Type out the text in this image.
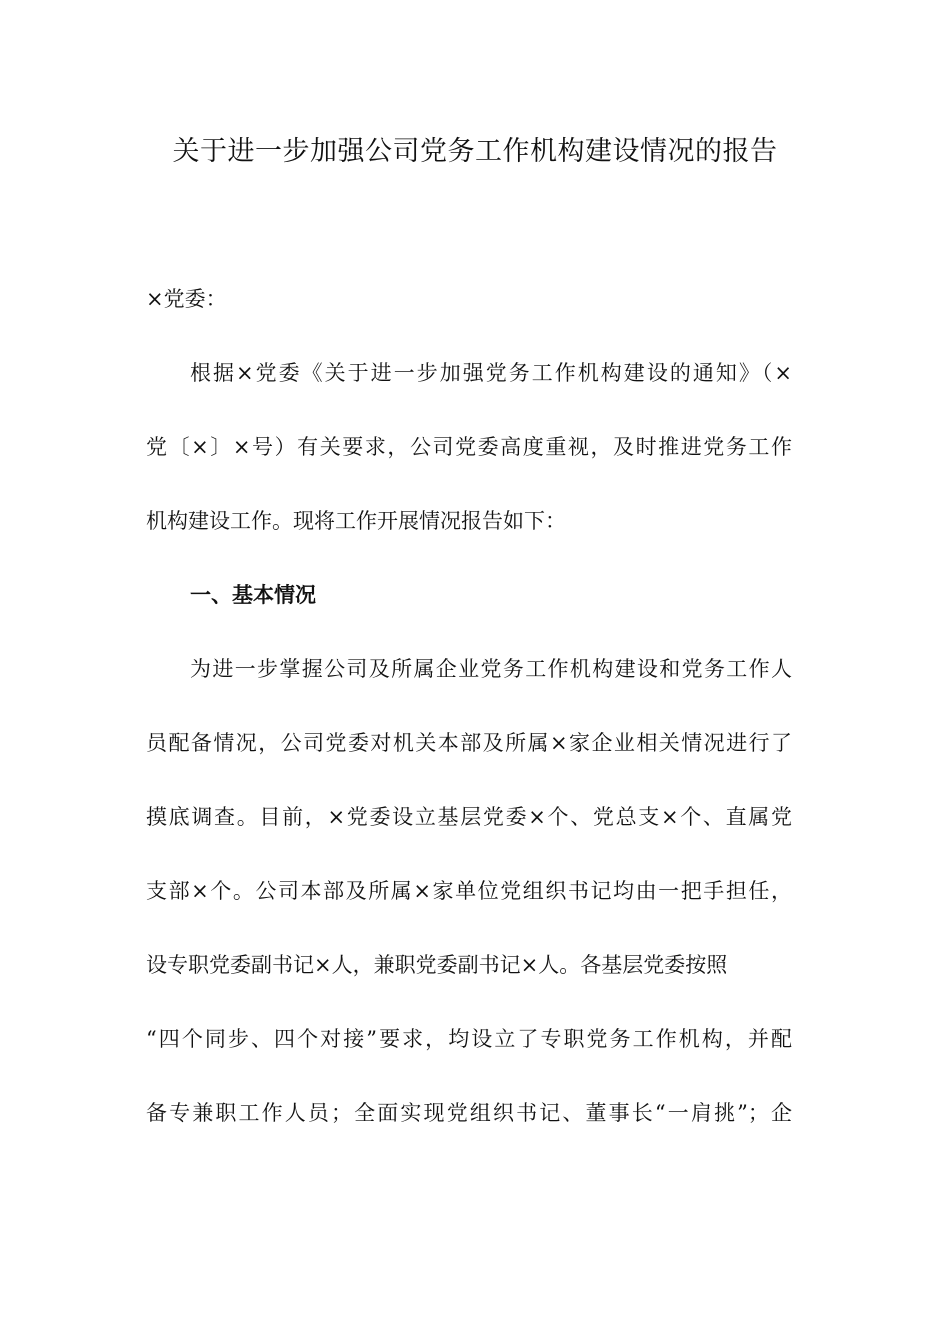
关于进一步加强公司党务工作机构建设情况的报告
×党委：
根据×党委《关于进一步加强党务工作机构建设的通知》（×
党〔×〕×号）有关要求，公司党委高度重视，及时推进党务工作
机构建设工作。现将工作开展情况报告如下：
一、基本情况
为进一步掌握公司及所属企业党务工作机构建设和党务工作人
员配备情况，公司党委对机关本部及所属×家企业相关情况进行了
摸底调查。目前，×党委设立基层党委×个、党总支×个、直属党
支部×个。公司本部及所属×家单位党组织书记均由一把手担任，
设专职党委副书记×人，兼职党委副书记×人。各基层党委按照
“四个同步、四个对接”要求，均设立了专职党务工作机构，并配
备专兼职工作人员；全面实现党组织书记、董事长“一肩挑”；企
